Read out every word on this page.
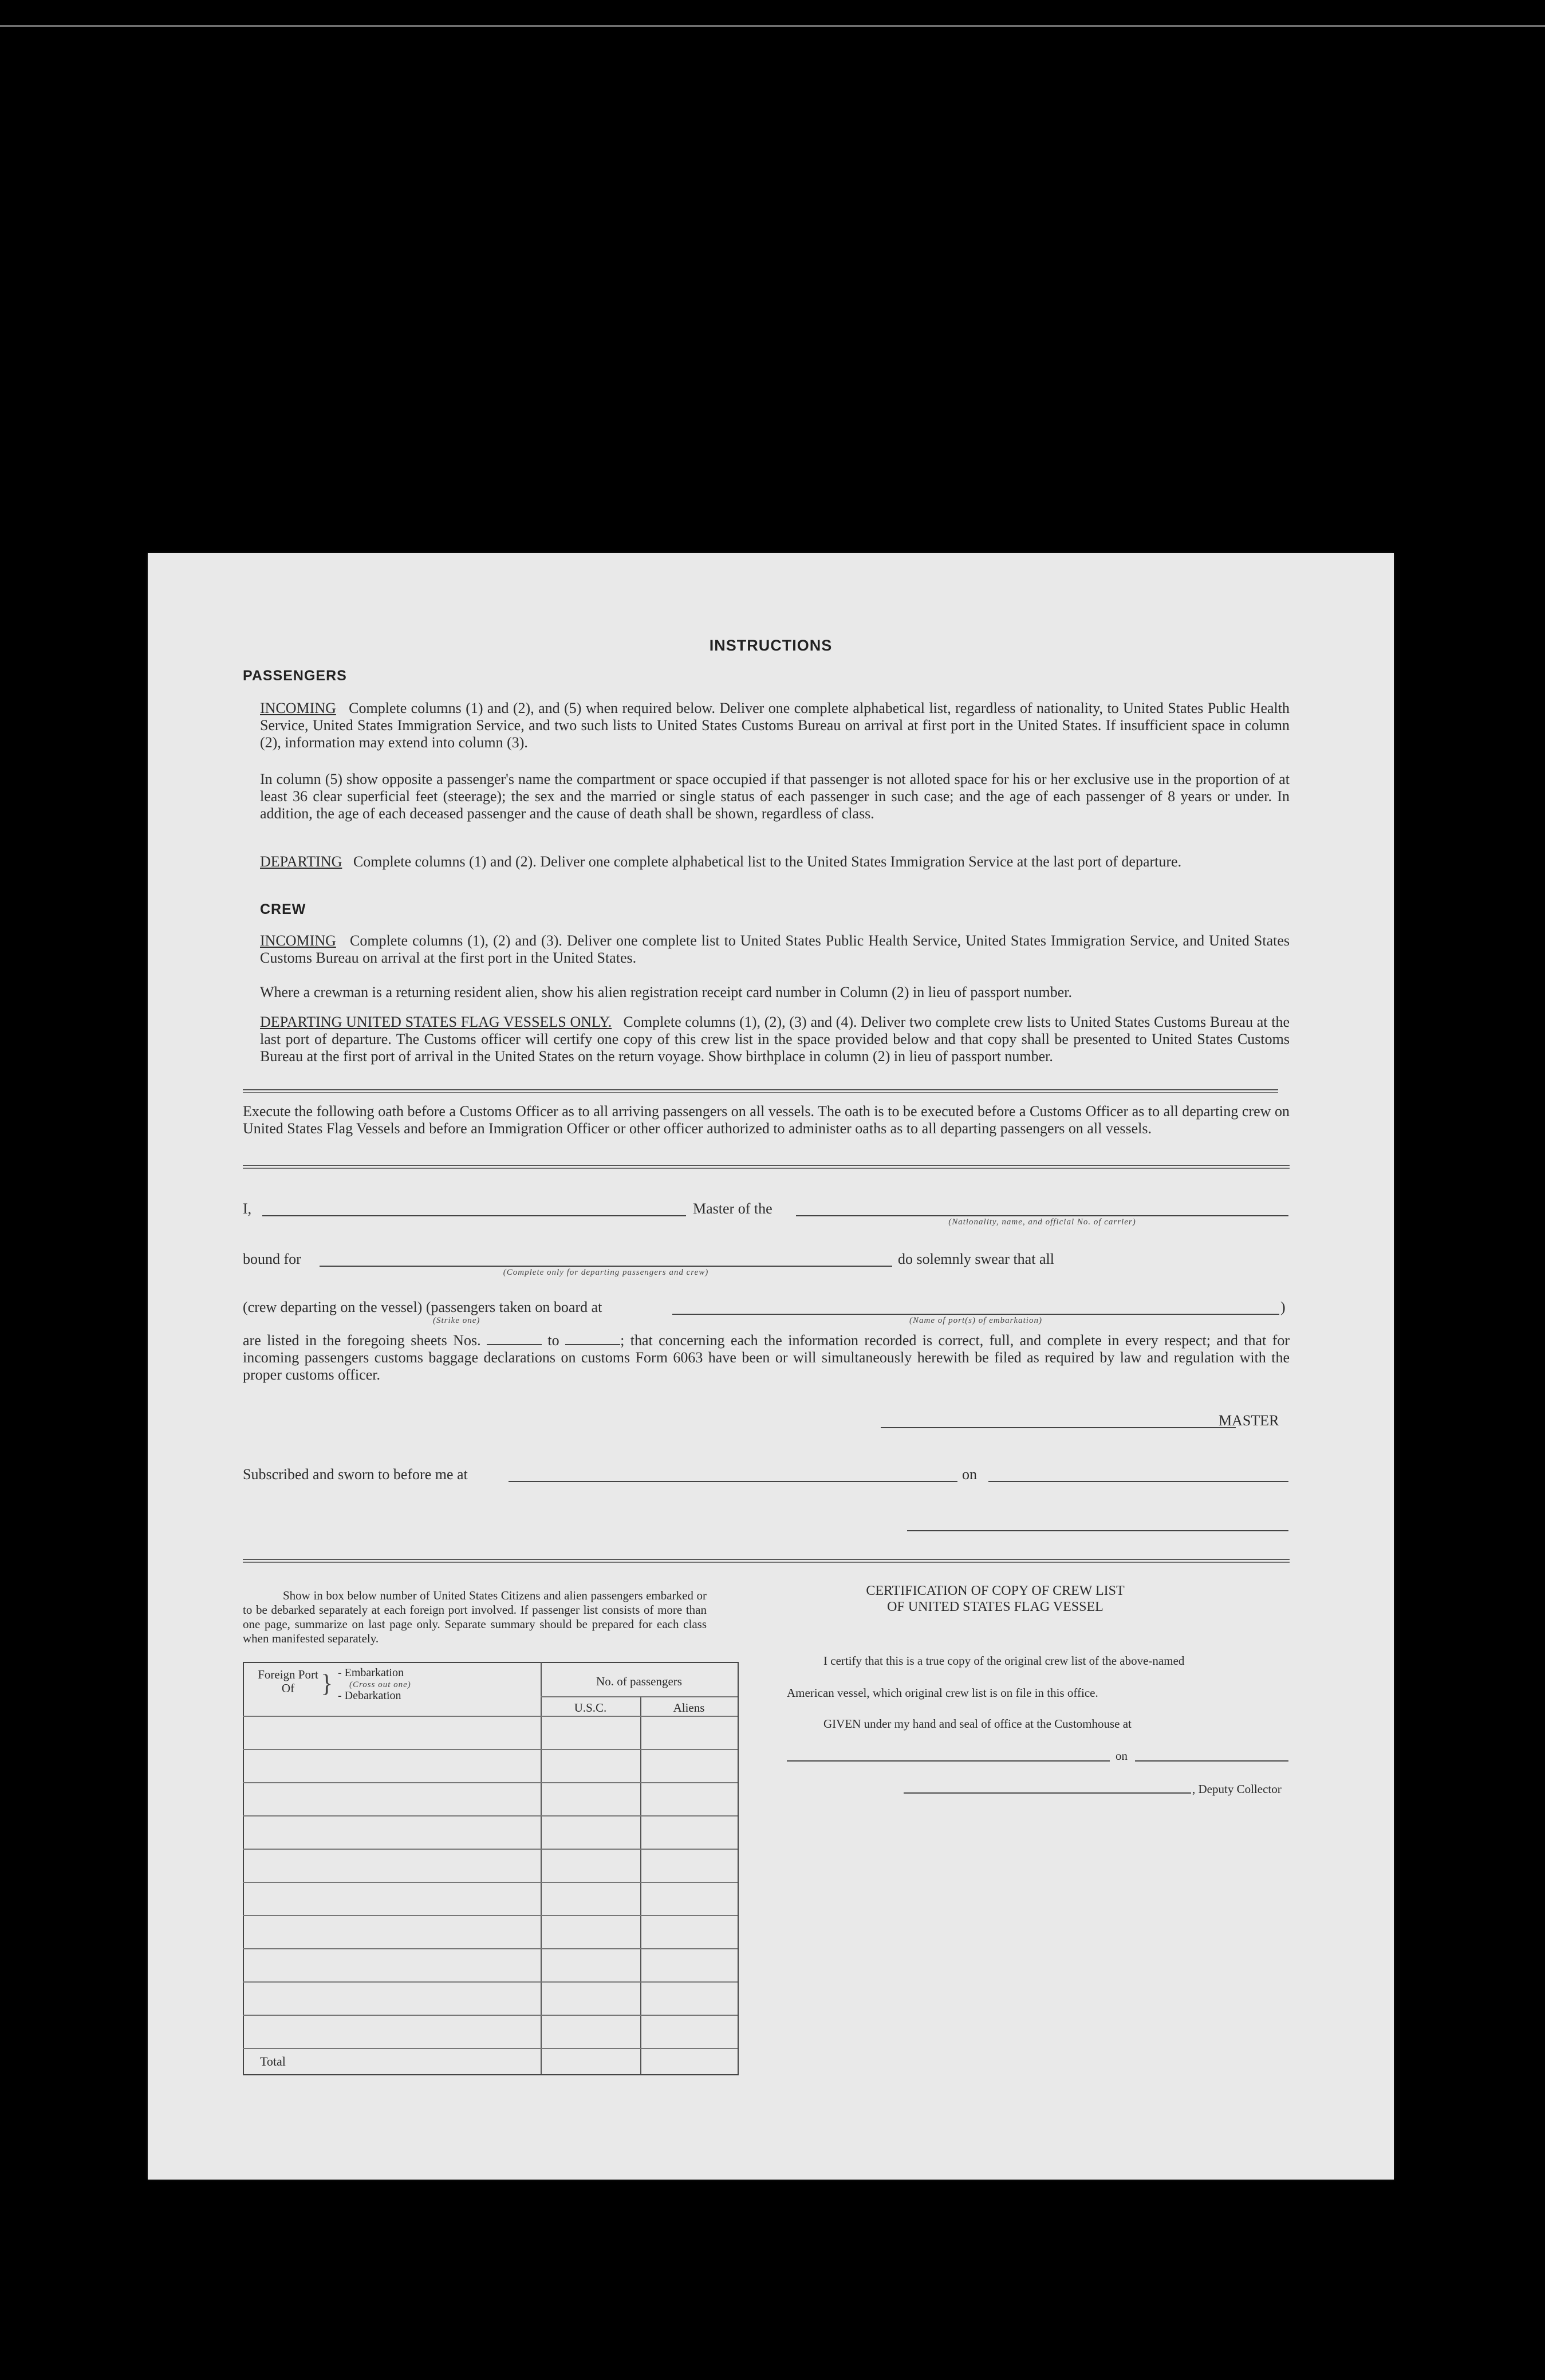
INSTRUCTIONS
PASSENGERS
INCOMING Complete columns (1) and (2), and (5) when required below. Deliver one complete alphabetical list, regardless of nationality, to United States Public Health Service, United States Immigration Service, and two such lists to United States Customs Bureau on arrival at first port in the United States. If insufficient space in column (2), information may extend into column (3).
In column (5) show opposite a passenger's name the compartment or space occupied if that passenger is not alloted space for his or her exclusive use in the proportion of at least 36 clear superficial feet (steerage); the sex and the married or single status of each passenger in such case; and the age of each passenger of 8 years or under. In addition, the age of each deceased passenger and the cause of death shall be shown, regardless of class.
DEPARTING Complete columns (1) and (2). Deliver one complete alphabetical list to the United States Immigration Service at the last port of departure.
CREW
INCOMING Complete columns (1), (2) and (3). Deliver one complete list to United States Public Health Service, United States Immigration Service, and United States Customs Bureau on arrival at the first port in the United States.
Where a crewman is a returning resident alien, show his alien registration receipt card number in Column (2) in lieu of passport number.
DEPARTING UNITED STATES FLAG VESSELS ONLY. Complete columns (1), (2), (3) and (4). Deliver two complete crew lists to United States Customs Bureau at the last port of departure. The Customs officer will certify one copy of this crew list in the space provided below and that copy shall be presented to United States Customs Bureau at the first port of arrival in the United States on the return voyage. Show birthplace in column (2) in lieu of passport number.
Execute the following oath before a Customs Officer as to all arriving passengers on all vessels. The oath is to be executed before a Customs Officer as to all departing crew on United States Flag Vessels and before an Immigration Officer or other officer authorized to administer oaths as to all departing passengers on all vessels.
I,	Master of the
(Nationality, name, and official No. of carrier)
bound for
(Complete only for departing passengers and crew)
do solemnly swear that all
(crew departing on the vessel) (passengers taken on board at
(Strike one)
)
(Name of port(s) of embarkation)
are listed in the foregoing sheets Nos.	to	; that concerning each the information recorded is correct, full, and complete in every respect; and that for incoming passengers customs baggage declarations on customs Form 6063 have been or will simultaneously herewith be filed as required by law and regulation with the proper customs officer.
MASTER
Subscribed and sworn to before me at	on
Show in box below number of United States Citizens and alien passengers embarked or to be debarked separately at each foreign port involved. If passenger list consists of more than one page, summarize on last page only. Separate summary should be prepared for each class when manifested separately.
Foreign Port Of	} - Embarkation
(Cross out one)
- Debarkation
No. of passengers
U.S.C.	Aliens
Total
CERTIFICATION OF COPY OF CREW LIST
OF UNITED STATES FLAG VESSEL
I certify that this is a true copy of the original crew list of the above-named
American vessel, which original crew list is on file in this office.
GIVEN under my hand and seal of office at the Customhouse at
on
, Deputy Collector
